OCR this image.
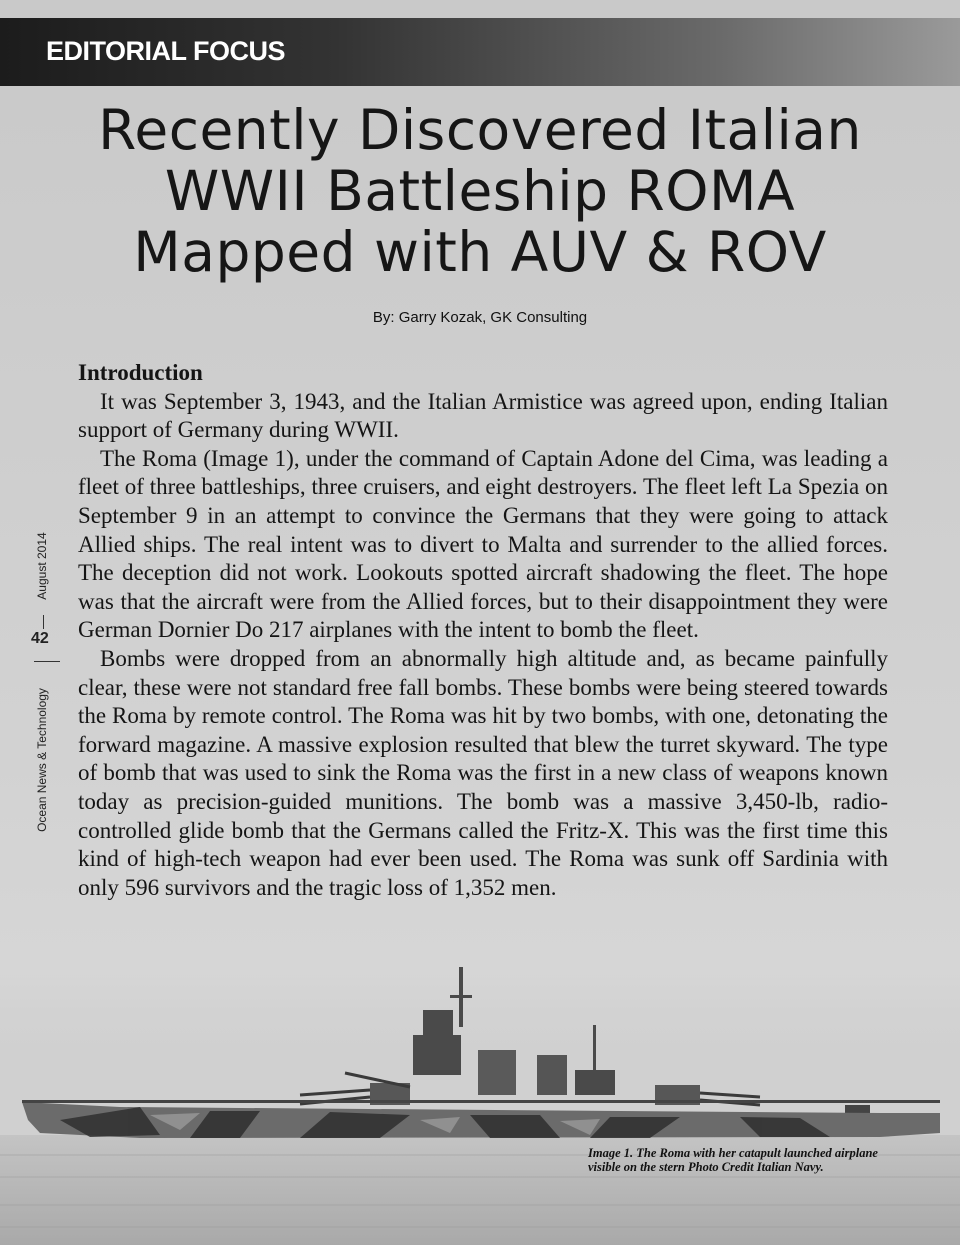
EDITORIAL FOCUS
Recently Discovered Italian
WWII Battleship ROMA
Mapped with AUV & ROV
By: Garry Kozak, GK Consulting
August 2014
42
Ocean News & Technology
Introduction

It was September 3, 1943, and the Italian Armistice was agreed upon, ending Italian support of Germany during WWII.

The Roma (Image 1), under the command of Captain Adone del Cima, was leading a fleet of three battleships, three cruisers, and eight destroyers. The fleet left La Spezia on September 9 in an attempt to convince the Germans that they were going to attack Allied ships. The real intent was to divert to Malta and surrender to the allied forces. The deception did not work. Lookouts spotted aircraft shadowing the fleet. The hope was that the aircraft were from the Allied forces, but to their disappointment they were German Dornier Do 217 airplanes with the intent to bomb the fleet.

Bombs were dropped from an abnormally high altitude and, as became painfully clear, these were not standard free fall bombs. These bombs were being steered towards the Roma by remote control. The Roma was hit by two bombs, with one, detonating the forward magazine. A massive explosion resulted that blew the turret skyward. The type of bomb that was used to sink the Roma was the first in a new class of weapons known today as precision-guided munitions. The bomb was a massive 3,450-lb, radio-controlled glide bomb that the Germans called the Fritz-X. This was the first time this kind of high-tech weapon had ever been used. The Roma was sunk off Sardinia with only 596 survivors and the tragic loss of 1,352 men.

Image 1. The Roma with her catapult launched airplane visible on the stern Photo Credit Italian Navy.
